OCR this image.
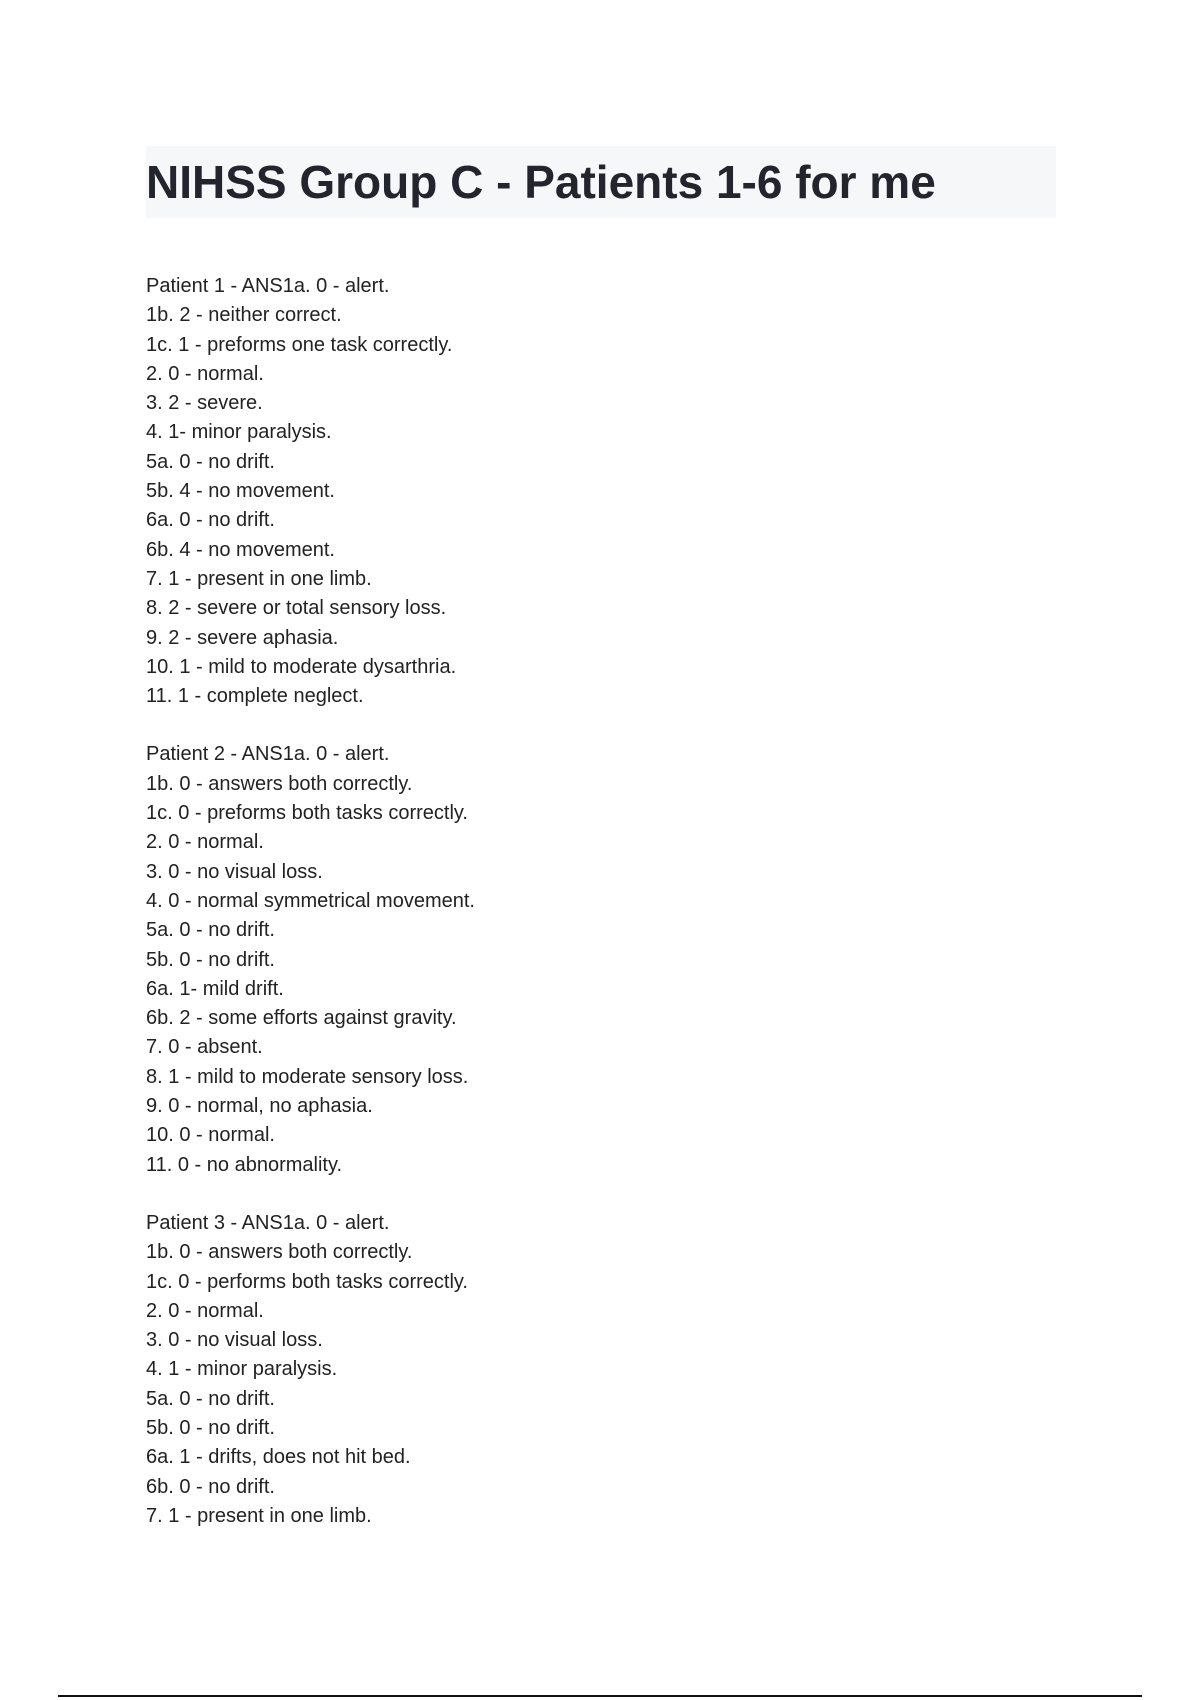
NIHSS Group C - Patients 1-6 for me
Patient 1 - ANS1a. 0 - alert.
1b. 2 - neither correct.
1c. 1 - preforms one task correctly.
2. 0 - normal.
3. 2 - severe.
4. 1- minor paralysis.
5a. 0 - no drift.
5b. 4 - no movement.
6a. 0 - no drift.
6b. 4 - no movement.
7. 1 - present in one limb.
8. 2 - severe or total sensory loss.
9. 2 - severe aphasia.
10. 1 - mild to moderate dysarthria.
11. 1 - complete neglect.
Patient 2 - ANS1a. 0 - alert.
1b. 0 - answers both correctly.
1c. 0 - preforms both tasks correctly.
2. 0 - normal.
3. 0 - no visual loss.
4. 0 - normal symmetrical movement.
5a. 0 - no drift.
5b. 0 - no drift.
6a. 1- mild drift.
6b. 2 - some efforts against gravity.
7. 0 - absent.
8. 1 - mild to moderate sensory loss.
9. 0 - normal, no aphasia.
10. 0 - normal.
11. 0 - no abnormality.
Patient 3 - ANS1a. 0 - alert.
1b. 0 - answers both correctly.
1c. 0 - performs both tasks correctly.
2. 0 - normal.
3. 0 - no visual loss.
4. 1 - minor paralysis.
5a. 0 - no drift.
5b. 0 - no drift.
6a. 1 - drifts, does not hit bed.
6b. 0 - no drift.
7. 1 - present in one limb.
